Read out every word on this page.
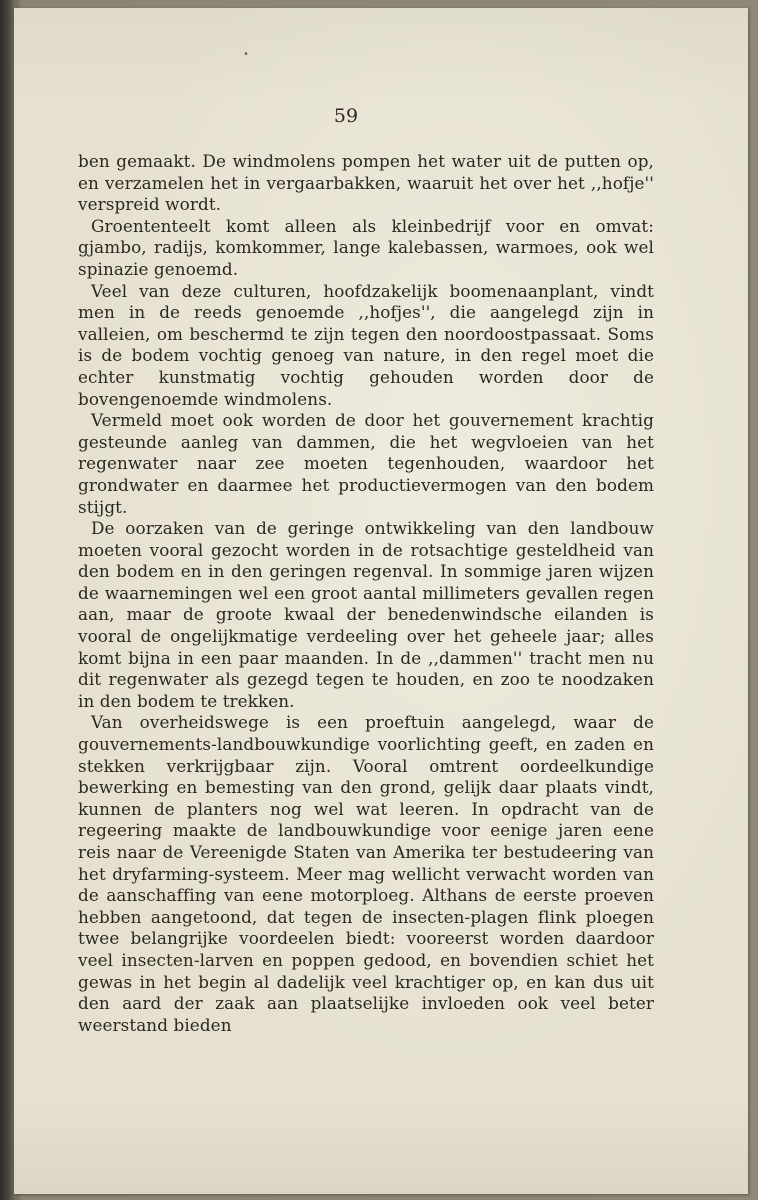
•
59

ben gemaakt. De windmolens pompen het water uit de putten op, en verzamelen het in vergaarbakken, waaruit het over het ,,hofje'' verspreid wordt.

Groententeelt komt alleen als kleinbedrijf voor en omvat: gjambo, radijs, komkommer, lange kalebassen, warmoes, ook wel spinazie genoemd.

Veel van deze culturen, hoofdzakelijk boomenaanplant, vindt men in de reeds genoemde ,,hofjes'', die aangelegd zijn in valleien, om beschermd te zijn tegen den noordoostpassaat. Soms is de bodem vochtig genoeg van nature, in den regel moet die echter kunstmatig vochtig gehouden worden door de bovengenoemde windmolens.

Vermeld moet ook worden de door het gouvernement krachtig gesteunde aanleg van dammen, die het wegvloeien van het regenwater naar zee moeten tegenhouden, waardoor het grondwater en daarmee het productievermogen van den bodem stijgt.

De oorzaken van de geringe ontwikkeling van den landbouw moeten vooral gezocht worden in de rotsachtige gesteldheid van den bodem en in den geringen regenval. In sommige jaren wijzen de waarnemingen wel een groot aantal millimeters gevallen regen aan, maar de groote kwaal der benedenwindsche eilanden is vooral de ongelijkmatige verdeeling over het geheele jaar; alles komt bijna in een paar maanden. In de ,,dammen'' tracht men nu dit regenwater als gezegd tegen te houden, en zoo te noodzaken in den bodem te trekken.

Van overheidswege is een proeftuin aangelegd, waar de gouvernements-landbouwkundige voorlichting geeft, en zaden en stekken verkrijgbaar zijn. Vooral omtrent oordeelkundige bewerking en bemesting van den grond, gelijk daar plaats vindt, kunnen de planters nog wel wat leeren. In opdracht van de regeering maakte de landbouwkundige voor eenige jaren eene reis naar de Vereenigde Staten van Amerika ter bestudeering van het dryfarming-systeem. Meer mag wellicht verwacht worden van de aanschaffing van eene motorploeg. Althans de eerste proeven hebben aangetoond, dat tegen de insecten-plagen flink ploegen twee belangrijke voordeelen biedt: vooreerst worden daardoor veel insecten-larven en poppen gedood, en bovendien schiet het gewas in het begin al dadelijk veel krachtiger op, en kan dus uit den aard der zaak aan plaatselijke invloeden ook veel beter weerstand bieden
